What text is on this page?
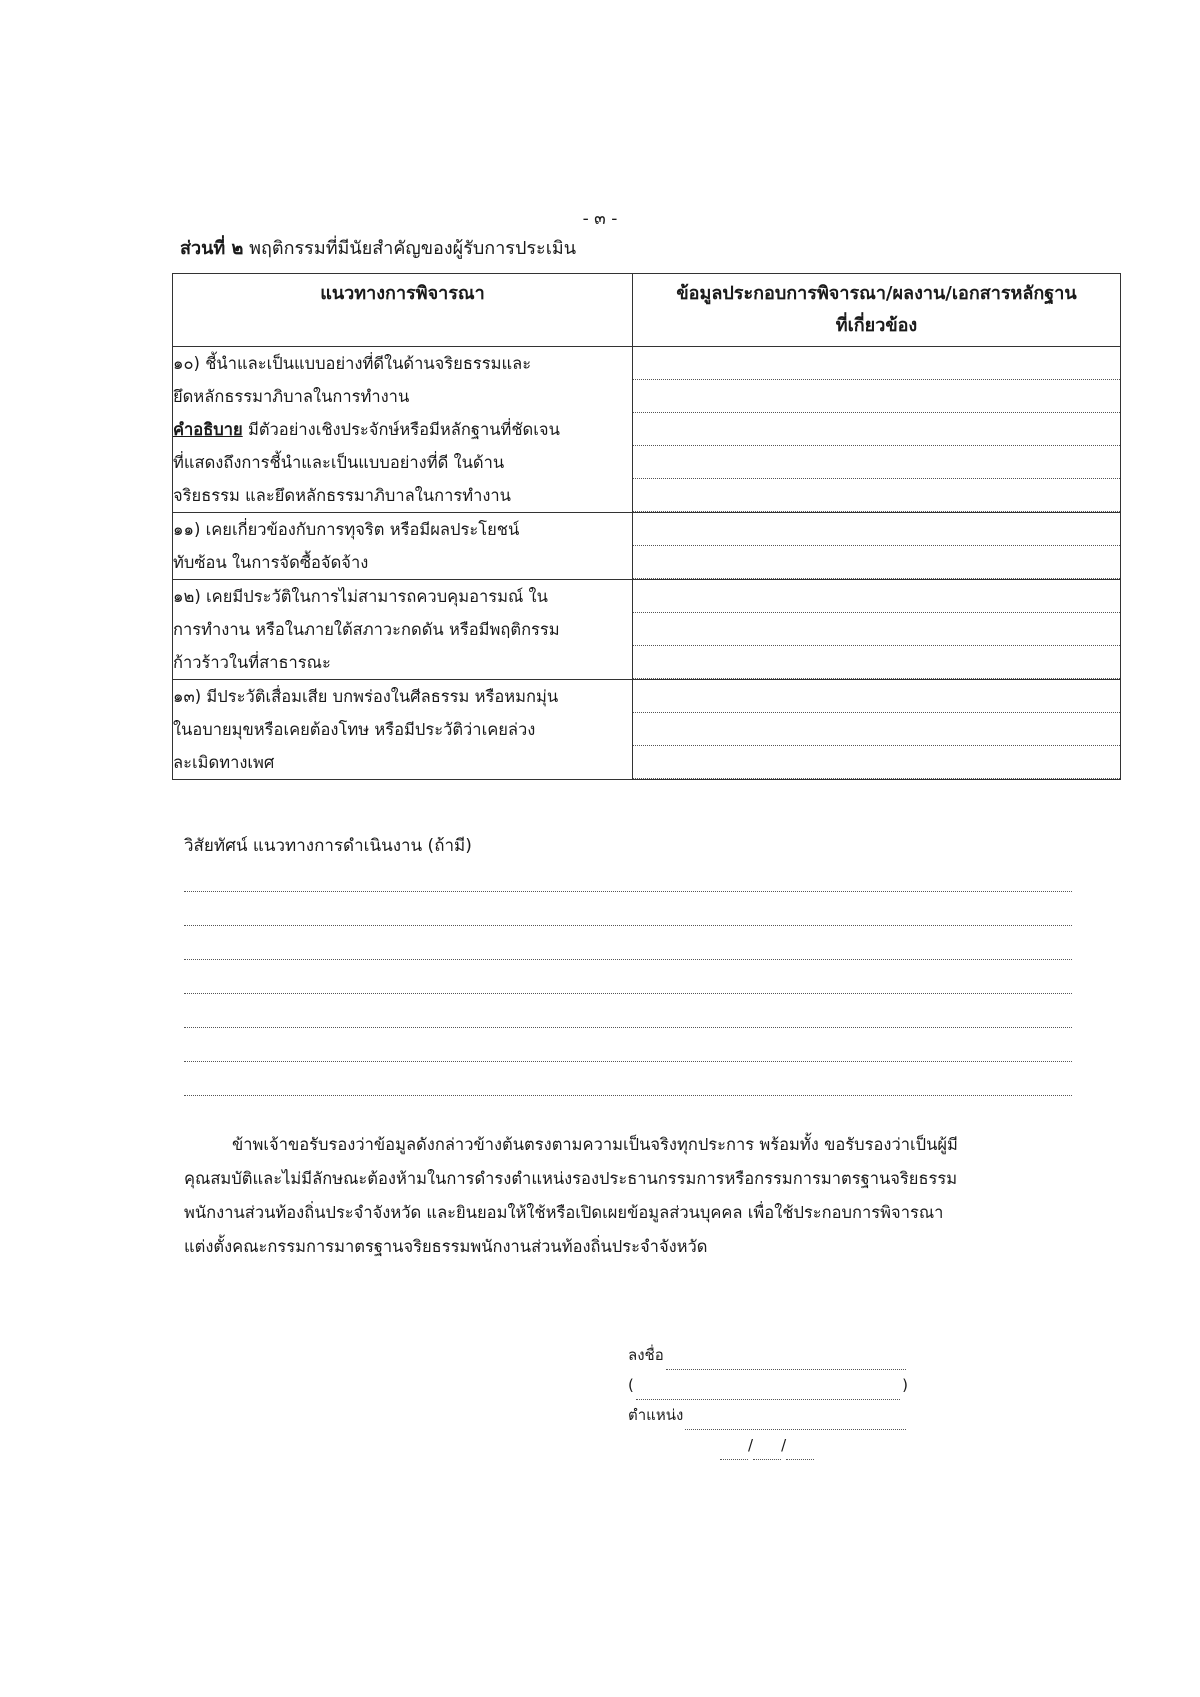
- ๓ -
ส่วนที่ ๒ พฤติกรรมที่มีนัยสำคัญของผู้รับการประเมิน
แนวทางการพิจารณา	ข้อมูลประกอบการพิจารณา/ผลงาน/เอกสารหลักฐาน
ที่เกี่ยวข้อง

๑๐) ชี้นำและเป็นแบบอย่างที่ดีในด้านจริยธรรมและ
ยึดหลักธรรมาภิบาลในการทำงาน
คำอธิบาย มีตัวอย่างเชิงประจักษ์หรือมีหลักฐานที่ชัดเจน
ที่แสดงถึงการชี้นำและเป็นแบบอย่างที่ดี ในด้าน
จริยธรรม และยึดหลักธรรมาภิบาลในการทำงาน	

๑๑) เคยเกี่ยวข้องกับการทุจริต หรือมีผลประโยชน์
ทับซ้อน ในการจัดซื้อจัดจ้าง	

๑๒) เคยมีประวัติในการไม่สามารถควบคุมอารมณ์ ใน
การทำงาน หรือในภายใต้สภาวะกดดัน หรือมีพฤติกรรม
ก้าวร้าวในที่สาธารณะ	

๑๓) มีประวัติเสื่อมเสีย บกพร่องในศีลธรรม หรือหมกมุ่น
ในอบายมุขหรือเคยต้องโทษ หรือมีประวัติว่าเคยล่วง
ละเมิดทางเพศ	

วิสัยทัศน์ แนวทางการดำเนินงาน (ถ้ามี)
ข้าพเจ้าขอรับรองว่าข้อมูลดังกล่าวข้างต้นตรงตามความเป็นจริงทุกประการ พร้อมทั้ง ขอรับรองว่าเป็นผู้มี
คุณสมบัติและไม่มีลักษณะต้องห้ามในการดำรงตำแหน่งรองประธานกรรมการหรือกรรมการมาตรฐานจริยธรรม
พนักงานส่วนท้องถิ่นประจำจังหวัด และยินยอมให้ใช้หรือเปิดเผยข้อมูลส่วนบุคคล เพื่อใช้ประกอบการพิจารณา
แต่งตั้งคณะกรรมการมาตรฐานจริยธรรมพนักงานส่วนท้องถิ่นประจำจังหวัด
ลงชื่อ
(	)
ตำแหน่ง
/ /
